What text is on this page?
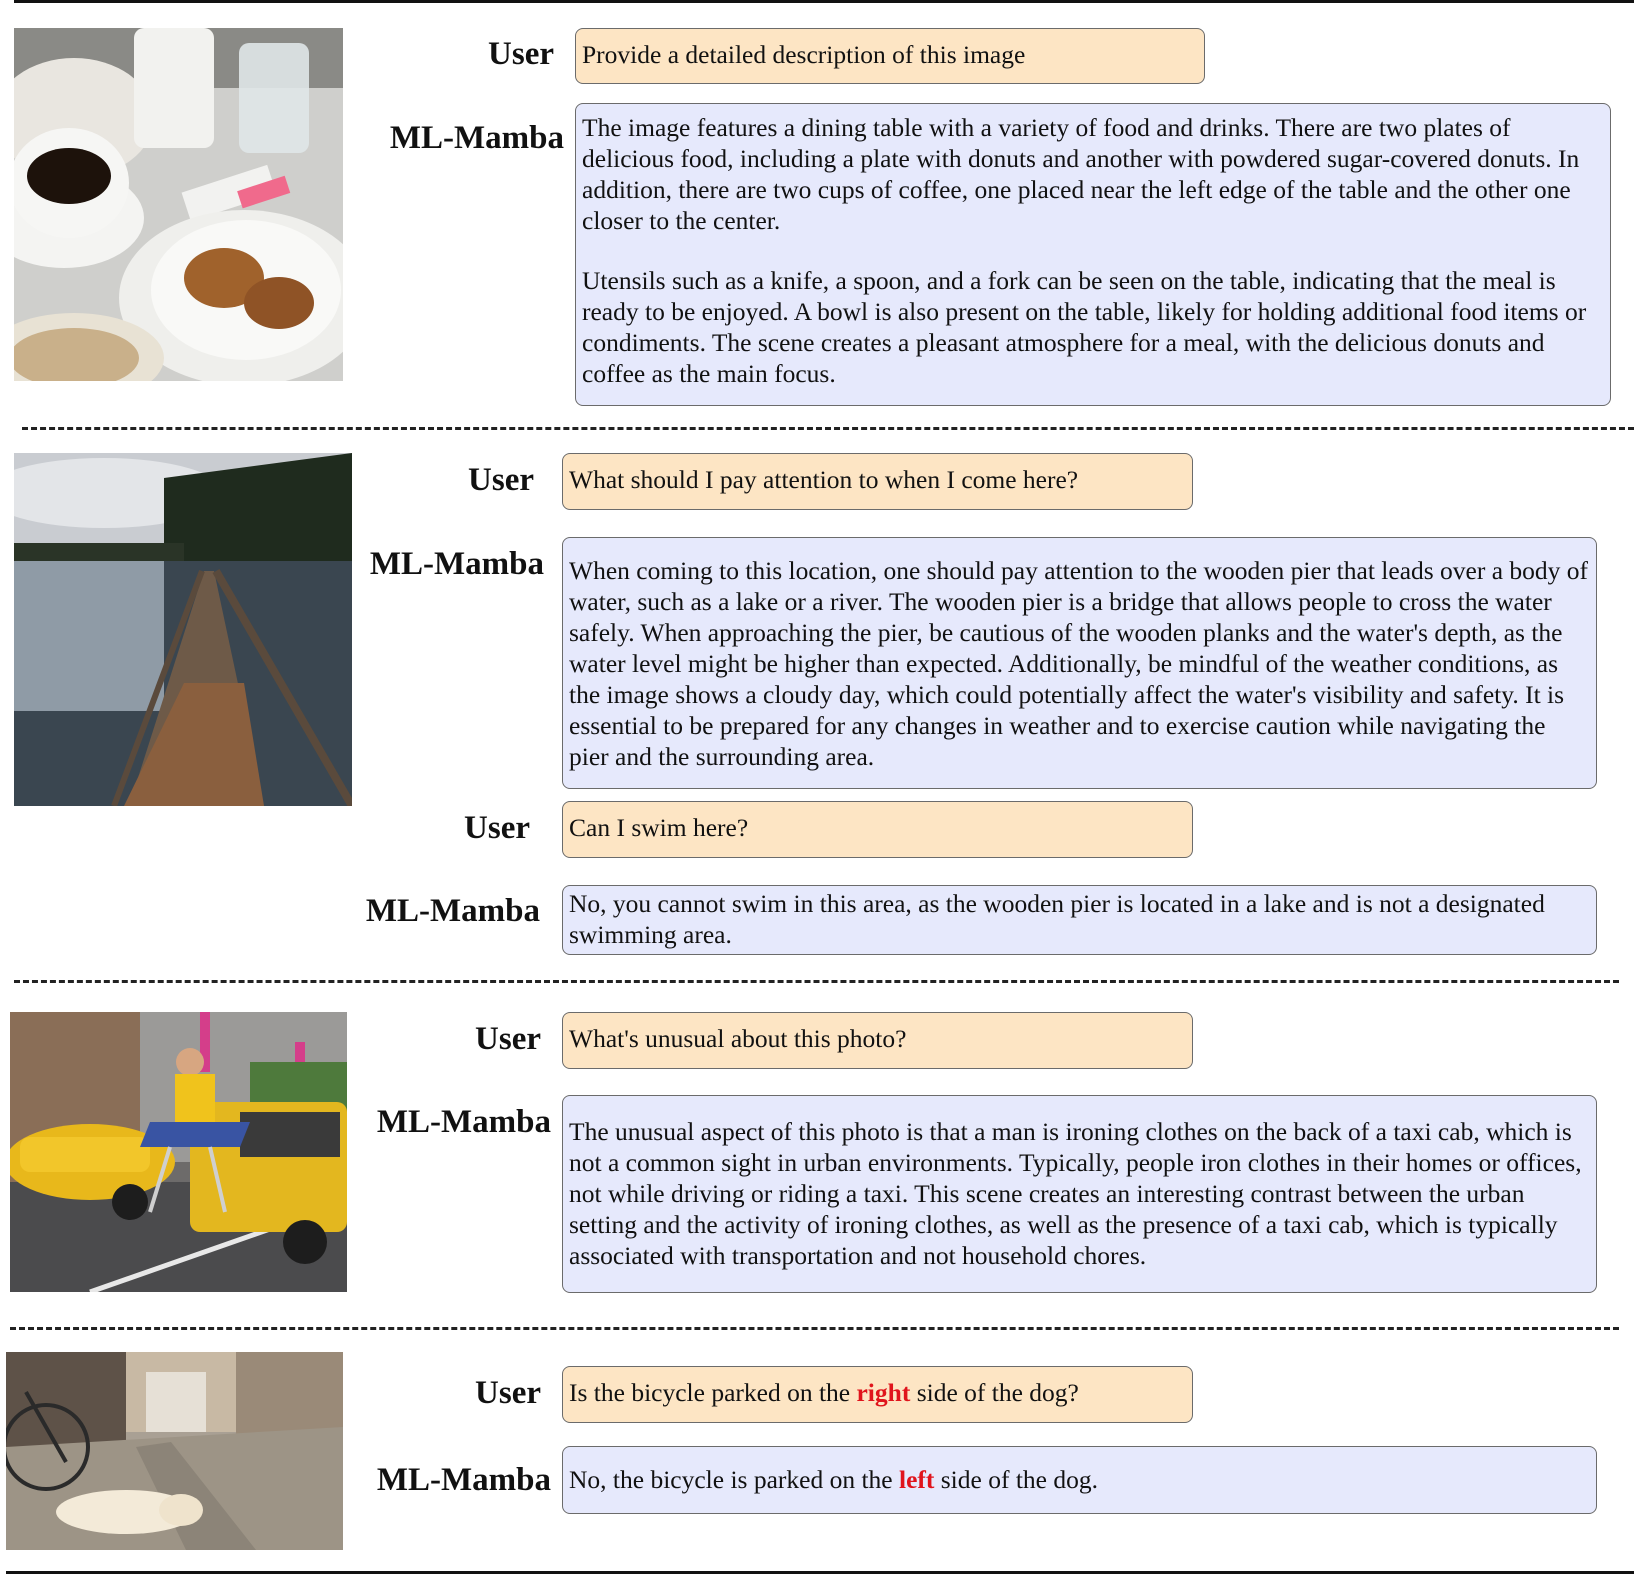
User Provide a detailed description of this image
ML-Mamba The image features a dining table with a variety of food and drinks. There are two plates of delicious food, including a plate with donuts and another with powdered sugar-covered donuts. In addition, there are two cups of coffee, one placed near the left edge of the table and the other one closer to the center.
Utensils such as a knife, a spoon, and a fork can be seen on the table, indicating that the meal is ready to be enjoyed. A bowl is also present on the table, likely for holding additional food items or condiments. The scene creates a pleasant atmosphere for a meal, with the delicious donuts and coffee as the main focus.
User What should I pay attention to when I come here?
ML-Mamba When coming to this location, one should pay attention to the wooden pier that leads over a body of water, such as a lake or a river. The wooden pier is a bridge that allows people to cross the water safely. When approaching the pier, be cautious of the wooden planks and the water's depth, as the water level might be higher than expected. Additionally, be mindful of the weather conditions, as the image shows a cloudy day, which could potentially affect the water's visibility and safety. It is essential to be prepared for any changes in weather and to exercise caution while navigating the pier and the surrounding area.
User Can I swim here?
ML-Mamba No, you cannot swim in this area, as the wooden pier is located in a lake and is not a designated swimming area.
User What's unusual about this photo?
ML-Mamba The unusual aspect of this photo is that a man is ironing clothes on the back of a taxi cab, which is not a common sight in urban environments. Typically, people iron clothes in their homes or offices, not while driving or riding a taxi. This scene creates an interesting contrast between the urban setting and the activity of ironing clothes, as well as the presence of a taxi cab, which is typically associated with transportation and not household chores.
User Is the bicycle parked on the right side of the dog?
ML-Mamba No, the bicycle is parked on the left side of the dog.
